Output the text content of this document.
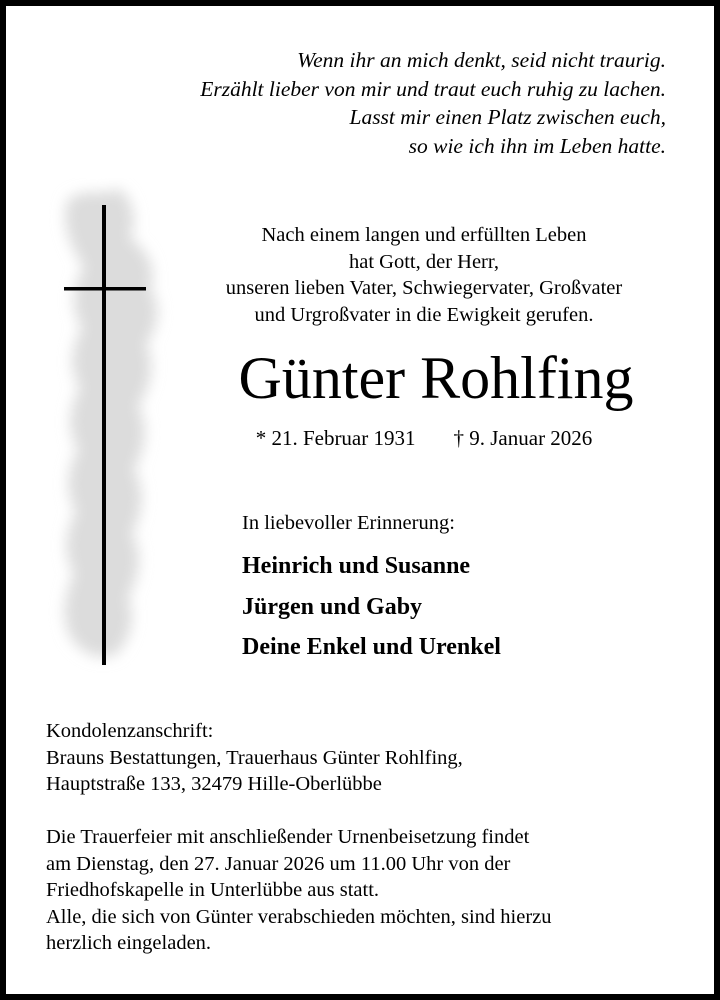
Wenn ihr an mich denkt, seid nicht traurig.
Erzählt lieber von mir und traut euch ruhig zu lachen.
Lasst mir einen Platz zwischen euch,
so wie ich ihn im Leben hatte.
Nach einem langen und erfüllten Leben
hat Gott, der Herr,
unseren lieben Vater, Schwiegervater, Großvater
und Urgroßvater in die Ewigkeit gerufen.
Günter Rohlfing
* 21. Februar 1931 † 9. Januar 2026
In liebevoller Erinnerung:
Heinrich und Susanne
Jürgen und Gaby
Deine Enkel und Urenkel
Kondolenzanschrift:
Brauns Bestattungen, Trauerhaus Günter Rohlfing,
Hauptstraße 133, 32479 Hille-Oberlübbe
Die Trauerfeier mit anschließender Urnenbeisetzung findet
am Dienstag, den 27. Januar 2026 um 11.00 Uhr von der
Friedhofskapelle in Unterlübbe aus statt.
Alle, die sich von Günter verabschieden möchten, sind hierzu
herzlich eingeladen.
